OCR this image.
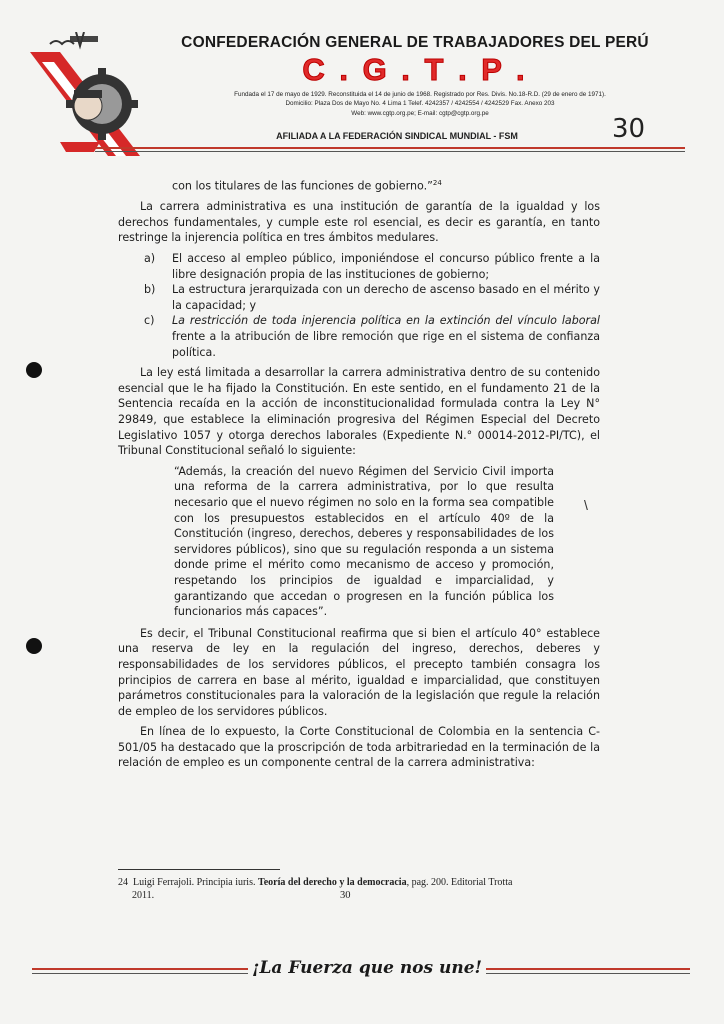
CONFEDERACIÓN GENERAL DE TRABAJADORES DEL PERÚ
C . G . T . P .
Fundada el 17 de mayo de 1929. Reconstituida el 14 de junio de 1968. Registrado por Res. Divis. No.18-R.D. (29 de enero de 1971).
Domicilio: Plaza Dos de Mayo No. 4 Lima 1 Telef. 4242357 / 4242554 / 4242529 Fax. Anexo 203
Web: www.cgtp.org.pe; E-mail: cgtp@cgtp.org.pe
AFILIADA A LA FEDERACIÓN SINDICAL MUNDIAL - FSM	30
\

con los titulares de las funciones de gobierno.”$^{24}$

La carrera administrativa es una institución de garantía de la igualdad y los derechos fundamentales, y cumple este rol esencial, es decir es garantía, en tanto restringe la injerencia política en tres ámbitos medulares.

a)	El acceso al empleo público, imponiéndose el concurso público frente a la libre designación propia de las instituciones de gobierno;
b)	La estructura jerarquizada con un derecho de ascenso basado en el mérito y la capacidad; y
c)	La restricción de toda injerencia política en la extinción del vínculo laboral frente a la atribución de libre remoción que rige en el sistema de confianza política.

La ley está limitada a desarrollar la carrera administrativa dentro de su contenido esencial que le ha fijado la Constitución. En este sentido, en el fundamento 21 de la Sentencia recaída en la acción de inconstitucionalidad formulada contra la Ley N° 29849, que establece la eliminación progresiva del Régimen Especial del Decreto Legislativo 1057 y otorga derechos laborales (Expediente N.° 00014-2012-PI/TC), el Tribunal Constitucional señaló lo siguiente:

“Además, la creación del nuevo Régimen del Servicio Civil importa una reforma de la carrera administrativa, por lo que resulta necesario que el nuevo régimen no solo en la forma sea compatible con los presupuestos establecidos en el artículo 40º de la Constitución (ingreso, derechos, deberes y responsabilidades de los servidores públicos), sino que su regulación responda a un sistema donde prime el mérito como mecanismo de acceso y promoción, respetando los principios de igualdad e imparcialidad, y garantizando que accedan o progresen en la función pública los funcionarios más capaces”.

Es decir, el Tribunal Constitucional reafirma que si bien el artículo 40° establece una reserva de ley en la regulación del ingreso, derechos, deberes y responsabilidades de los servidores públicos, el precepto también consagra los principios de carrera en base al mérito, igualdad e imparcialidad, que constituyen parámetros constitucionales para la valoración de la legislación que regule la relación de empleo de los servidores públicos.

En línea de lo expuesto, la Corte Constitucional de Colombia en la sentencia C-501/05 ha destacado que la proscripción de toda arbitrariedad en la terminación de la relación de empleo es un componente central de la carrera administrativa:

24 Luigi Ferrajoli. Principia iuris. Teoría del derecho y la democracia, pag. 200. Editorial Trotta
2011.	30
¡La Fuerza que nos une!
